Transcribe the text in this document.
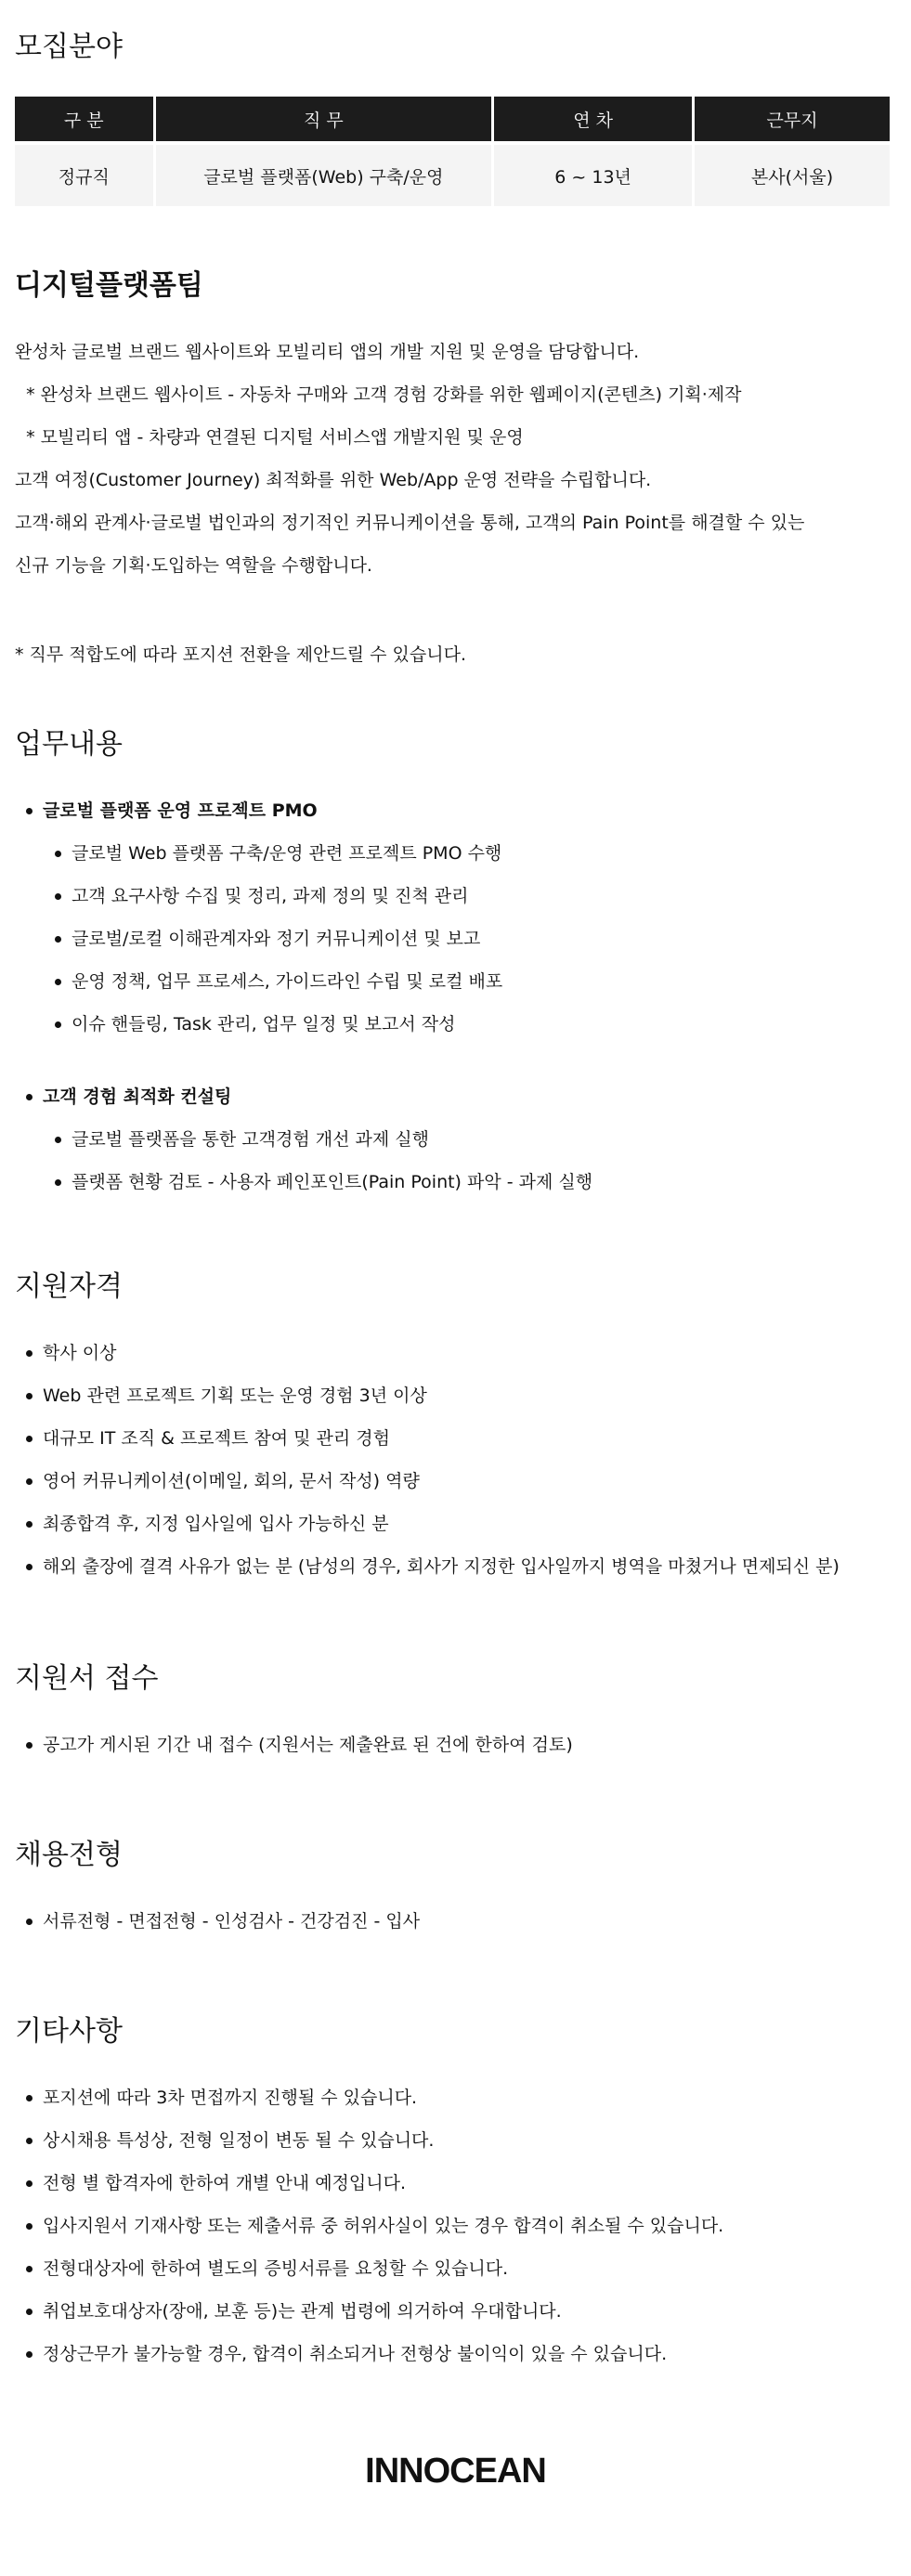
모집분야
구 분	직 무	연 차	근무지
정규직	글로벌 플랫폼(Web) 구축/운영	6 ~ 13년	본사(서울)
디지털플랫폼팀
완성차 글로벌 브랜드 웹사이트와 모빌리티 앱의 개발 지원 및 운영을 담당합니다.
* 완성차 브랜드 웹사이트 - 자동차 구매와 고객 경험 강화를 위한 웹페이지(콘텐츠) 기획·제작
* 모빌리티 앱 - 차량과 연결된 디지털 서비스앱 개발지원 및 운영
고객 여정(Customer Journey) 최적화를 위한 Web/App 운영 전략을 수립합니다.
고객·해외 관계사·글로벌 법인과의 정기적인 커뮤니케이션을 통해, 고객의 Pain Point를 해결할 수 있는
신규 기능을 기획·도입하는 역할을 수행합니다.
* 직무 적합도에 따라 포지션 전환을 제안드릴 수 있습니다.
업무내용
글로벌 플랫폼 운영 프로젝트 PMO
글로벌 Web 플랫폼 구축/운영 관련 프로젝트 PMO 수행
고객 요구사항 수집 및 정리, 과제 정의 및 진척 관리
글로벌/로컬 이해관계자와 정기 커뮤니케이션 및 보고
운영 정책, 업무 프로세스, 가이드라인 수립 및 로컬 배포
이슈 핸들링, Task 관리, 업무 일정 및 보고서 작성
고객 경험 최적화 컨설팅
글로벌 플랫폼을 통한 고객경험 개선 과제 실행
플랫폼 현황 검토 - 사용자 페인포인트(Pain Point) 파악 - 과제 실행
지원자격
학사 이상
Web 관련 프로젝트 기획 또는 운영 경험 3년 이상
대규모 IT 조직 & 프로젝트 참여 및 관리 경험
영어 커뮤니케이션(이메일, 회의, 문서 작성) 역량
최종합격 후, 지정 입사일에 입사 가능하신 분
해외 출장에 결격 사유가 없는 분 (남성의 경우, 회사가 지정한 입사일까지 병역을 마쳤거나 면제되신 분)
지원서 접수
공고가 게시된 기간 내 접수 (지원서는 제출완료 된 건에 한하여 검토)
채용전형
서류전형 - 면접전형 - 인성검사 - 건강검진 - 입사
기타사항
포지션에 따라 3차 면접까지 진행될 수 있습니다.
상시채용 특성상, 전형 일정이 변동 될 수 있습니다.
전형 별 합격자에 한하여 개별 안내 예정입니다.
입사지원서 기재사항 또는 제출서류 중 허위사실이 있는 경우 합격이 취소될 수 있습니다.
전형대상자에 한하여 별도의 증빙서류를 요청할 수 있습니다.
취업보호대상자(장애, 보훈 등)는 관계 법령에 의거하여 우대합니다.
정상근무가 불가능할 경우, 합격이 취소되거나 전형상 불이익이 있을 수 있습니다.
INNOCEAN
